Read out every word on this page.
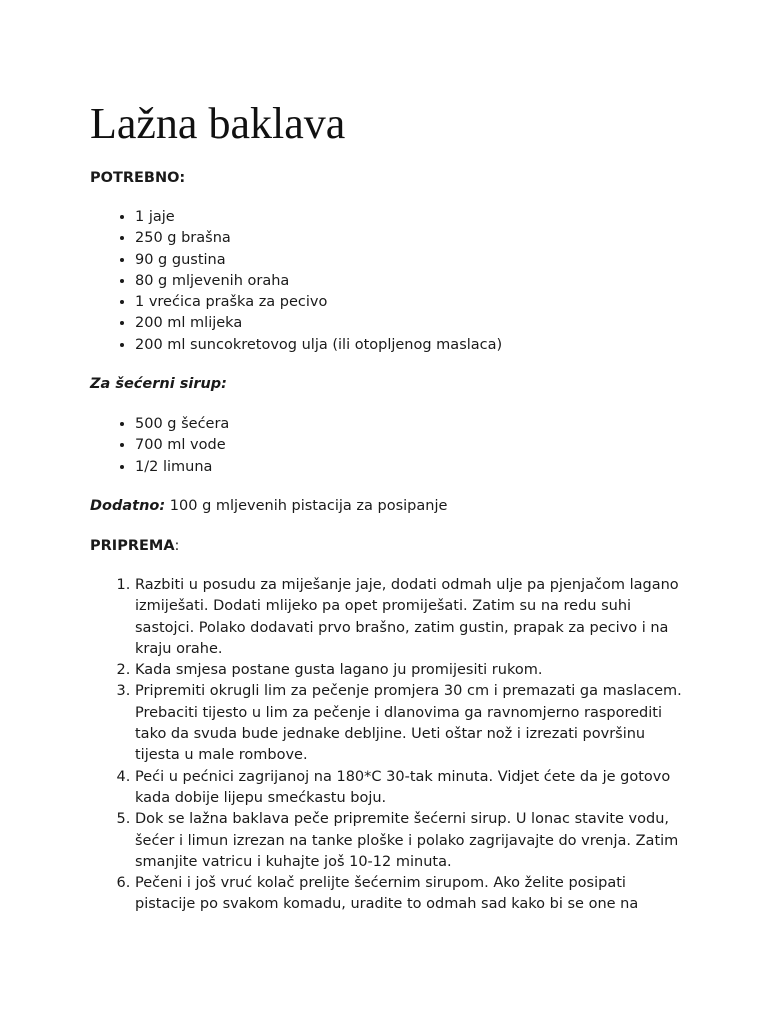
Lažna baklava
POTREBNO:
• 1 jaje
• 250 g brašna
• 90 g gustina
• 80 g mljevenih oraha
• 1 vrećica praška za pecivo
• 200 ml mlijeka
• 200 ml suncokretovog ulja (ili otopljenog maslaca)
Za šećerni sirup:
• 500 g šećera
• 700 ml vode
• 1/2 limuna
Dodatno: 100 g mljevenih pistacija za posipanje
PRIPREMA:
1. Razbiti u posudu za miješanje jaje, dodati odmah ulje pa pjenjačom lagano izmiješati. Dodati mlijeko pa opet promiješati. Zatim su na redu suhi sastojci. Polako dodavati prvo brašno, zatim gustin, prapak za pecivo i na kraju orahe.
2. Kada smjesa postane gusta lagano ju promijesiti rukom.
3. Pripremiti okrugli lim za pečenje promjera 30 cm i premazati ga maslacem. Prebaciti tijesto u lim za pečenje i dlanovima ga ravnomjerno rasporediti tako da svuda bude jednake debljine. Ueti oštar nož i izrezati površinu tijesta u male rombove.
4. Peći u pećnici zagrijanoj na 180*C 30-tak minuta. Vidjet ćete da je gotovo kada dobije lijepu smećkastu boju.
5. Dok se lažna baklava peče pripremite šećerni sirup. U lonac stavite vodu, šećer i limun izrezan na tanke ploške i polako zagrijavajte do vrenja. Zatim smanjite vatricu i kuhajte još 10-12 minuta.
6. Pečeni i još vruć kolač prelijte šećernim sirupom. Ako želite posipati pistacije po svakom komadu, uradite to odmah sad kako bi se one na
